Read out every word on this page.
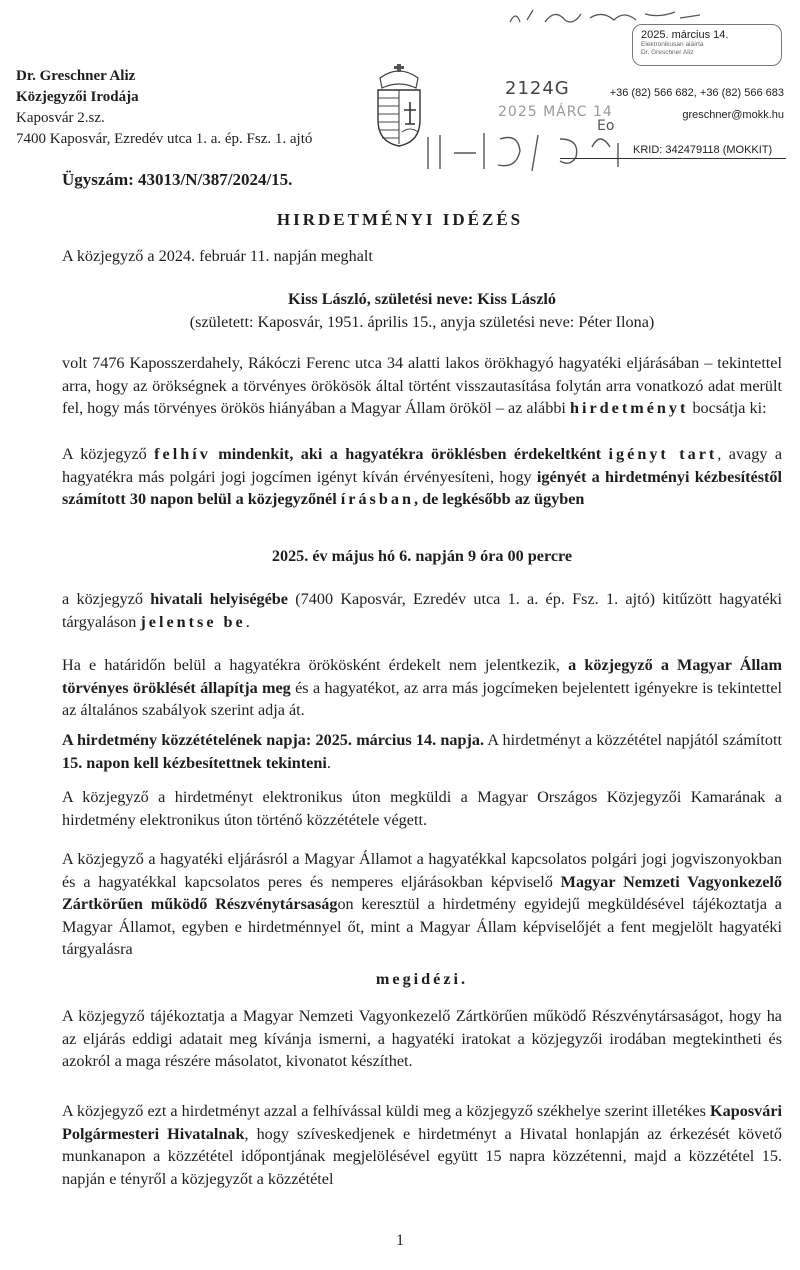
2025. március 14.
Elektronikusan aláírta
Dr. Greschner Aliz
Dr. Greschner Aliz
Közjegyzői Irodája
Kaposvár 2.sz.
7400 Kaposvár, Ezredév utca 1. a. ép. Fsz. 1. ajtó
2124G
2025 MÁRC 14
Eo
+36 (82) 566 682, +36 (82) 566 683
greschner@mokk.hu
KRID: 342479118 (MOKKIT)
Ügyszám: 43013/N/387/2024/15.
HIRDETMÉNYI IDÉZÉS
A közjegyző a 2024. február 11. napján meghalt
Kiss László, születési neve: Kiss László
(született: Kaposvár, 1951. április 15., anyja születési neve: Péter Ilona)
volt 7476 Kaposszerdahely, Rákóczi Ferenc utca 34 alatti lakos örökhagyó hagyatéki eljárásában – tekintettel arra, hogy az örökségnek a törvényes örökösök által történt visszautasítása folytán arra vonatkozó adat merült fel, hogy más törvényes örökös hiányában a Magyar Állam örököl – az alábbi hirdetményt bocsátja ki:
A közjegyző felhív mindenkit, aki a hagyatékra öröklésben érdekeltként igényt tart, avagy a hagyatékra más polgári jogi jogcímen igényt kíván érvényesíteni, hogy igényét a hirdetményi kézbesítéstől számított 30 napon belül a közjegyzőnél írásban, de legkésőbb az ügyben
2025. év május hó 6. napján 9 óra 00 percre
a közjegyző hivatali helyiségébe (7400 Kaposvár, Ezredév utca 1. a. ép. Fsz. 1. ajtó) kitűzött hagyatéki tárgyaláson jelentse be.
Ha e határidőn belül a hagyatékra örökösként érdekelt nem jelentkezik, a közjegyző a Magyar Állam törvényes öröklését állapítja meg és a hagyatékot, az arra más jogcímeken bejelentett igényekre is tekintettel az általános szabályok szerint adja át.
A hirdetmény közzétételének napja: 2025. március 14. napja. A hirdetményt a közzététel napjától számított 15. napon kell kézbesítettnek tekinteni.
A közjegyző a hirdetményt elektronikus úton megküldi a Magyar Országos Közjegyzői Kamarának a hirdetmény elektronikus úton történő közzététele végett.
A közjegyző a hagyatéki eljárásról a Magyar Államot a hagyatékkal kapcsolatos polgári jogi jogviszonyokban és a hagyatékkal kapcsolatos peres és nemperes eljárásokban képviselő Magyar Nemzeti Vagyonkezelő Zártkörűen működő Részvénytársaságon keresztül a hirdetmény egyidejű megküldésével tájékoztatja a Magyar Államot, egyben e hirdetménnyel őt, mint a Magyar Állam képviselőjét a fent megjelölt hagyatéki tárgyalásra
megidézi.
A közjegyző tájékoztatja a Magyar Nemzeti Vagyonkezelő Zártkörűen működő Részvénytársaságot, hogy ha az eljárás eddigi adatait meg kívánja ismerni, a hagyatéki iratokat a közjegyzői irodában megtekintheti és azokról a maga részére másolatot, kivonatot készíthet.
A közjegyző ezt a hirdetményt azzal a felhívással küldi meg a közjegyző székhelye szerint illetékes Kaposvári Polgármesteri Hivatalnak, hogy szíveskedjenek e hirdetményt a Hivatal honlapján az érkezését követő munkanapon a közzététel időpontjának megjelölésével együtt 15 napra közzétenni, majd a közzététel 15. napján e tényről a közjegyzőt a közzététel
1
